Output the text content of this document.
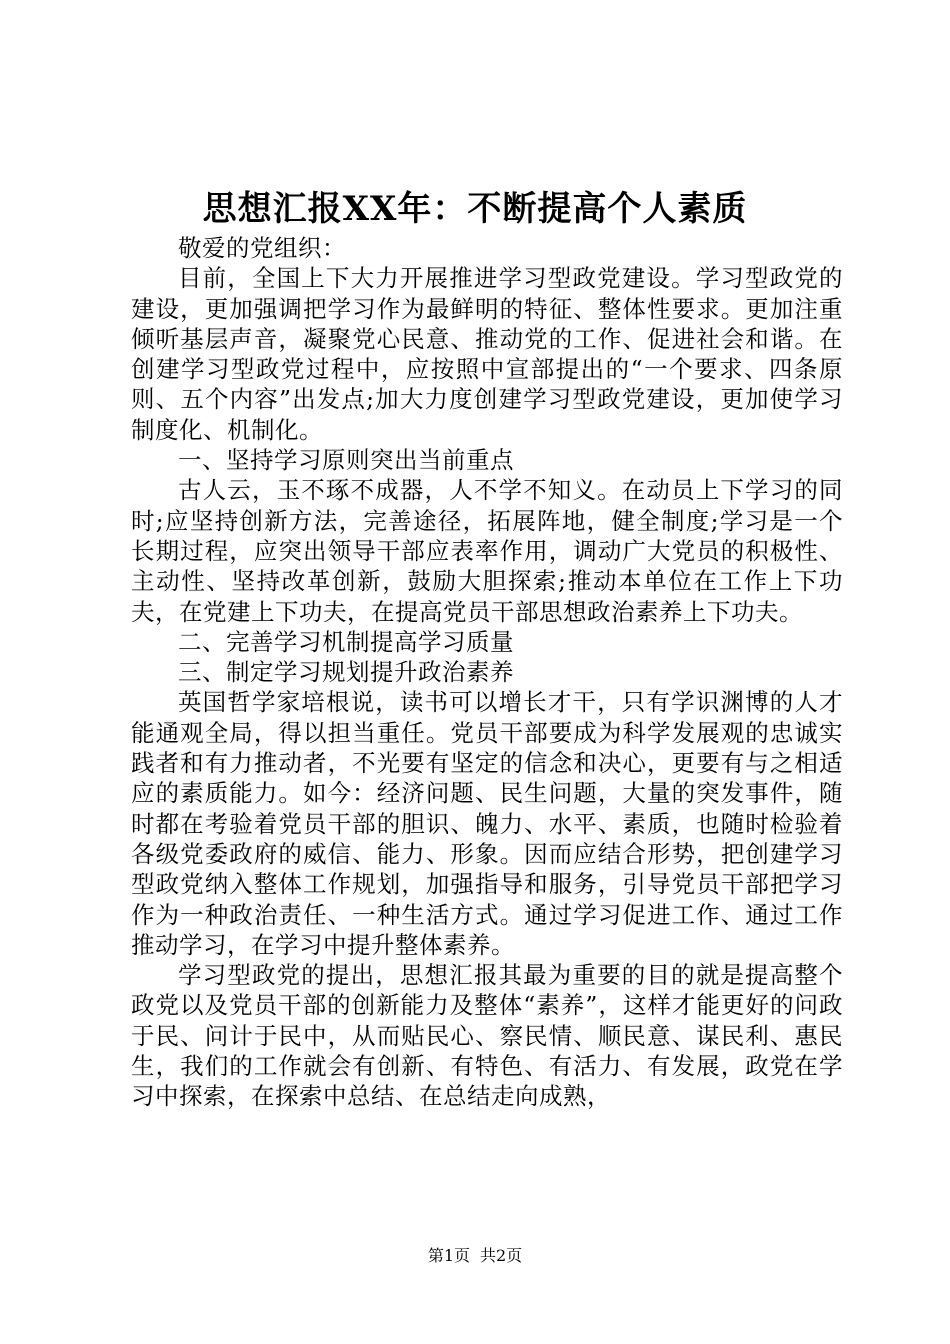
思想汇报XX年：不断提高个人素质

敬爱的党组织：

目前，全国上下大力开展推进学习型政党建设。学习型政党的建设，更加强调把学习作为最鲜明的特征、整体性要求。更加注重倾听基层声音，凝聚党心民意、推动党的工作、促进社会和谐。在创建学习型政党过程中，应按照中宣部提出的“一个要求、四条原则、五个内容”出发点;加大力度创建学习型政党建设，更加使学习制度化、机制化。

一、坚持学习原则突出当前重点

古人云，玉不琢不成器，人不学不知义。在动员上下学习的同时;应坚持创新方法，完善途径，拓展阵地，健全制度;学习是一个长期过程，应突出领导干部应表率作用，调动广大党员的积极性、主动性、坚持改革创新，鼓励大胆探索;推动本单位在工作上下功夫，在党建上下功夫，在提高党员干部思想政治素养上下功夫。

二、完善学习机制提高学习质量

三、制定学习规划提升政治素养

英国哲学家培根说，读书可以增长才干，只有学识渊博的人才能通观全局，得以担当重任。党员干部要成为科学发展观的忠诚实践者和有力推动者，不光要有坚定的信念和决心，更要有与之相适应的素质能力。如今：经济问题、民生问题，大量的突发事件，随时都在考验着党员干部的胆识、魄力、水平、素质，也随时检验着各级党委政府的威信、能力、形象。因而应结合形势，把创建学习型政党纳入整体工作规划，加强指导和服务，引导党员干部把学习作为一种政治责任、一种生活方式。通过学习促进工作、通过工作推动学习，在学习中提升整体素养。

学习型政党的提出，思想汇报其最为重要的目的就是提高整个政党以及党员干部的创新能力及整体“素养”，这样才能更好的问政于民、问计于民中，从而贴民心、察民情、顺民意、谋民利、惠民生，我们的工作就会有创新、有特色、有活力、有发展，政党在学习中探索，在探索中总结、在总结走向成熟，

第1页 共2页
